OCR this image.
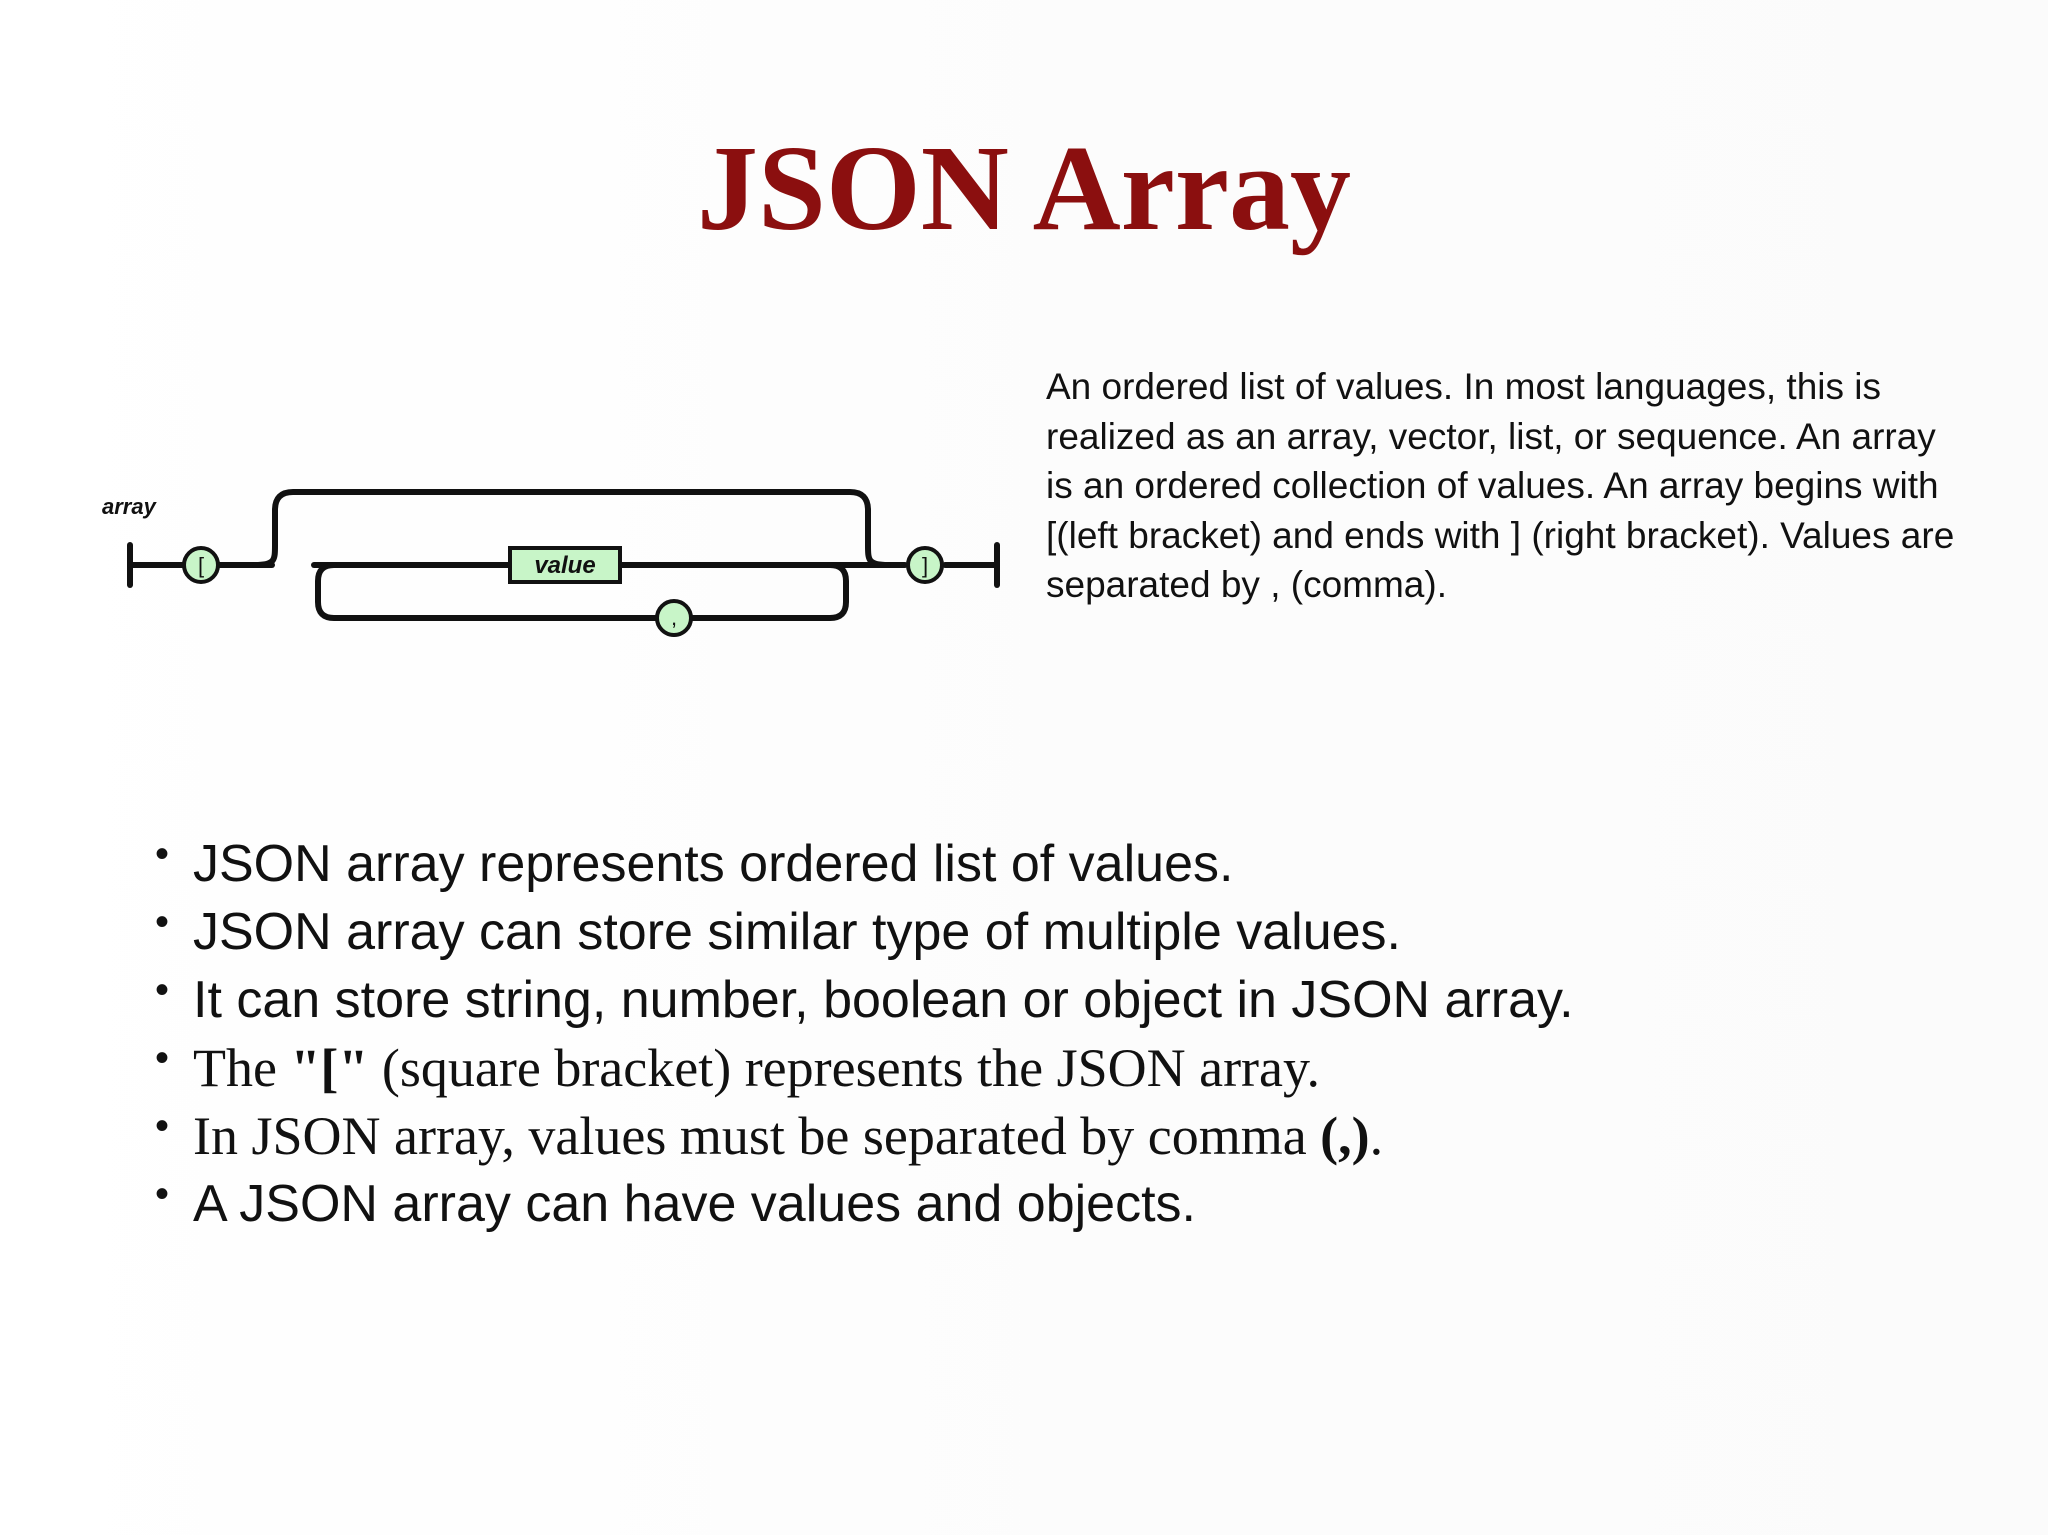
JSON Array
array
[	value
,
]
An ordered list of values. In most languages, this is realized as an array, vector, list, or sequence. An array is an ordered collection of values. An array begins with [(left bracket) and ends with ] (right bracket). Values are separated by , (comma).
• JSON array represents ordered list of values.
• JSON array can store similar type of multiple values.
• It can store string, number, boolean or object in JSON array.
• The "[" (square bracket) represents the JSON array.
• In JSON array, values must be separated by comma (,).
• A JSON array can have values and objects.
